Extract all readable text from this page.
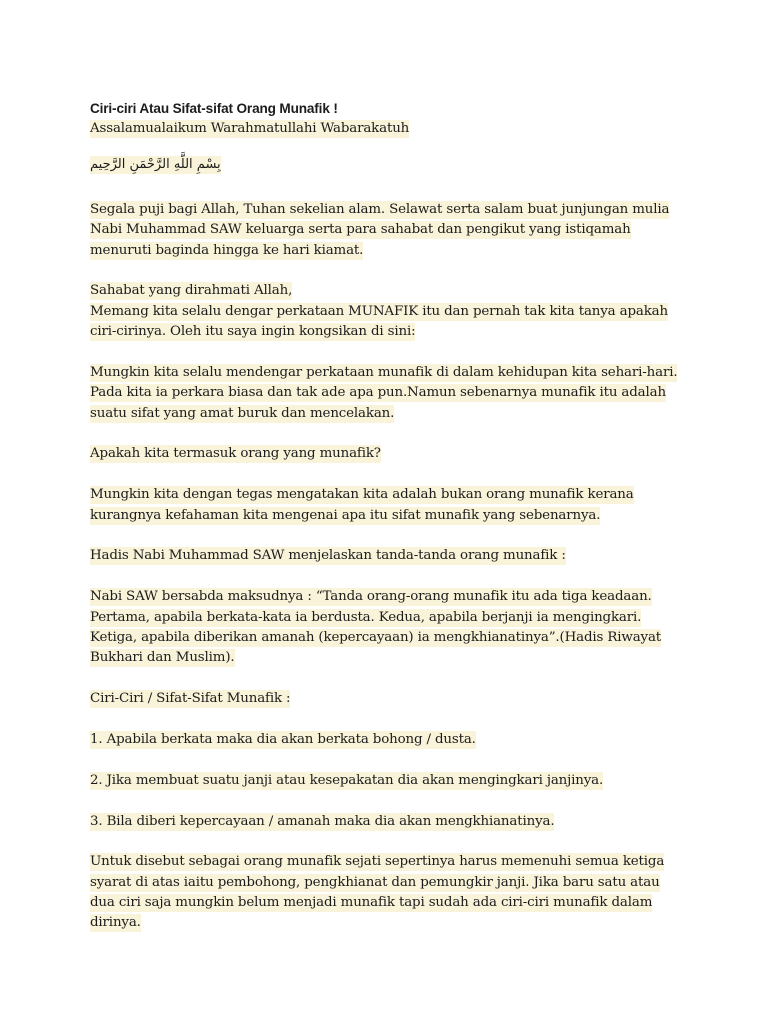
Ciri-ciri Atau Sifat-sifat Orang Munafik !
Assalamualaikum Warahmatullahi Wabarakatuh
بِسْمِ اللَّهِ الرَّحْمَنِ الرَّحِيم
Segala puji bagi Allah, Tuhan sekelian alam. Selawat serta salam buat junjungan mulia
Nabi Muhammad SAW keluarga serta para sahabat dan pengikut yang istiqamah
menuruti baginda hingga ke hari kiamat.
Sahabat yang dirahmati Allah,
Memang kita selalu dengar perkataan MUNAFIK itu dan pernah tak kita tanya apakah
ciri-cirinya. Oleh itu saya ingin kongsikan di sini:
Mungkin kita selalu mendengar perkataan munafik di dalam kehidupan kita sehari-hari.
Pada kita ia perkara biasa dan tak ade apa pun.Namun sebenarnya munafik itu adalah
suatu sifat yang amat buruk dan mencelakan.
Apakah kita termasuk orang yang munafik?
Mungkin kita dengan tegas mengatakan kita adalah bukan orang munafik kerana
kurangnya kefahaman kita mengenai apa itu sifat munafik yang sebenarnya.
Hadis Nabi Muhammad SAW menjelaskan tanda-tanda orang munafik :
Nabi SAW bersabda maksudnya : “Tanda orang-orang munafik itu ada tiga keadaan.
Pertama, apabila berkata-kata ia berdusta. Kedua, apabila berjanji ia mengingkari.
Ketiga, apabila diberikan amanah (kepercayaan) ia mengkhianatinya”.(Hadis Riwayat
Bukhari dan Muslim).
Ciri-Ciri / Sifat-Sifat Munafik :
1. Apabila berkata maka dia akan berkata bohong / dusta.
2. Jika membuat suatu janji atau kesepakatan dia akan mengingkari janjinya.
3. Bila diberi kepercayaan / amanah maka dia akan mengkhianatinya.
Untuk disebut sebagai orang munafik sejati sepertinya harus memenuhi semua ketiga
syarat di atas iaitu pembohong, pengkhianat dan pemungkir janji. Jika baru satu atau
dua ciri saja mungkin belum menjadi munafik tapi sudah ada ciri-ciri munafik dalam
dirinya.
